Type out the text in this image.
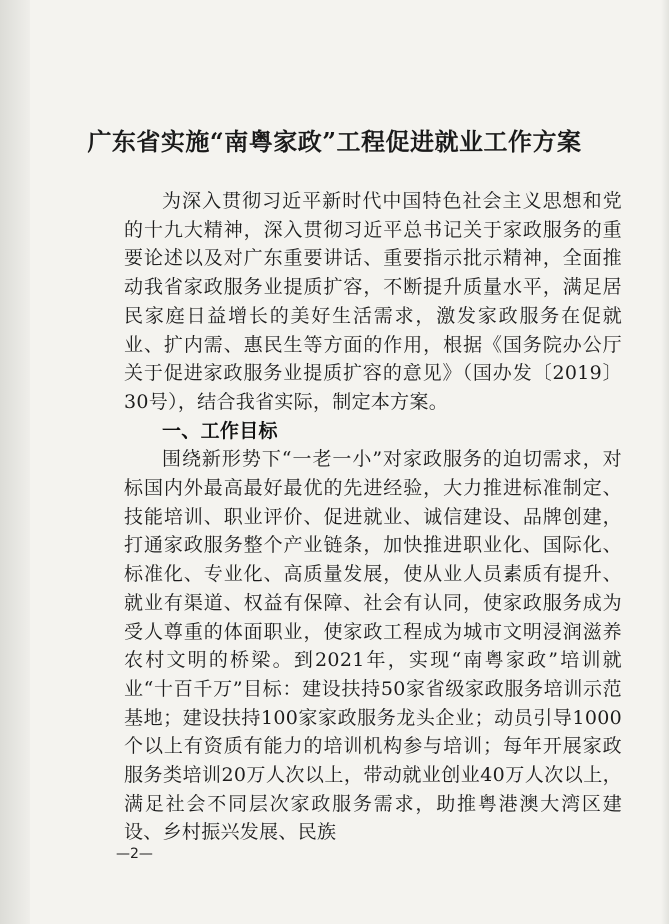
广东省实施“南粤家政”工程促进就业工作方案

为深入贯彻习近平新时代中国特色社会主义思想和党的十九大精神，深入贯彻习近平总书记关于家政服务的重要论述以及对广东重要讲话、重要指示批示精神，全面推动我省家政服务业提质扩容，不断提升质量水平，满足居民家庭日益增长的美好生活需求，激发家政服务在促就业、扩内需、惠民生等方面的作用，根据《国务院办公厅关于促进家政服务业提质扩容的意见》（国办发〔2019〕30号），结合我省实际，制定本方案。

一、工作目标

围绕新形势下“一老一小”对家政服务的迫切需求，对标国内外最高最好最优的先进经验，大力推进标准制定、技能培训、职业评价、促进就业、诚信建设、品牌创建，打通家政服务整个产业链条，加快推进职业化、国际化、标准化、专业化、高质量发展，使从业人员素质有提升、就业有渠道、权益有保障、社会有认同，使家政服务成为受人尊重的体面职业，使家政工程成为城市文明浸润滋养农村文明的桥梁。到2021年，实现“南粤家政”培训就业“十百千万”目标：建设扶持50家省级家政服务培训示范基地；建设扶持100家家政服务龙头企业；动员引导1000个以上有资质有能力的培训机构参与培训；每年开展家政服务类培训20万人次以上，带动就业创业40万人次以上，满足社会不同层次家政服务需求，助推粤港澳大湾区建设、乡村振兴发展、民族

—2—
